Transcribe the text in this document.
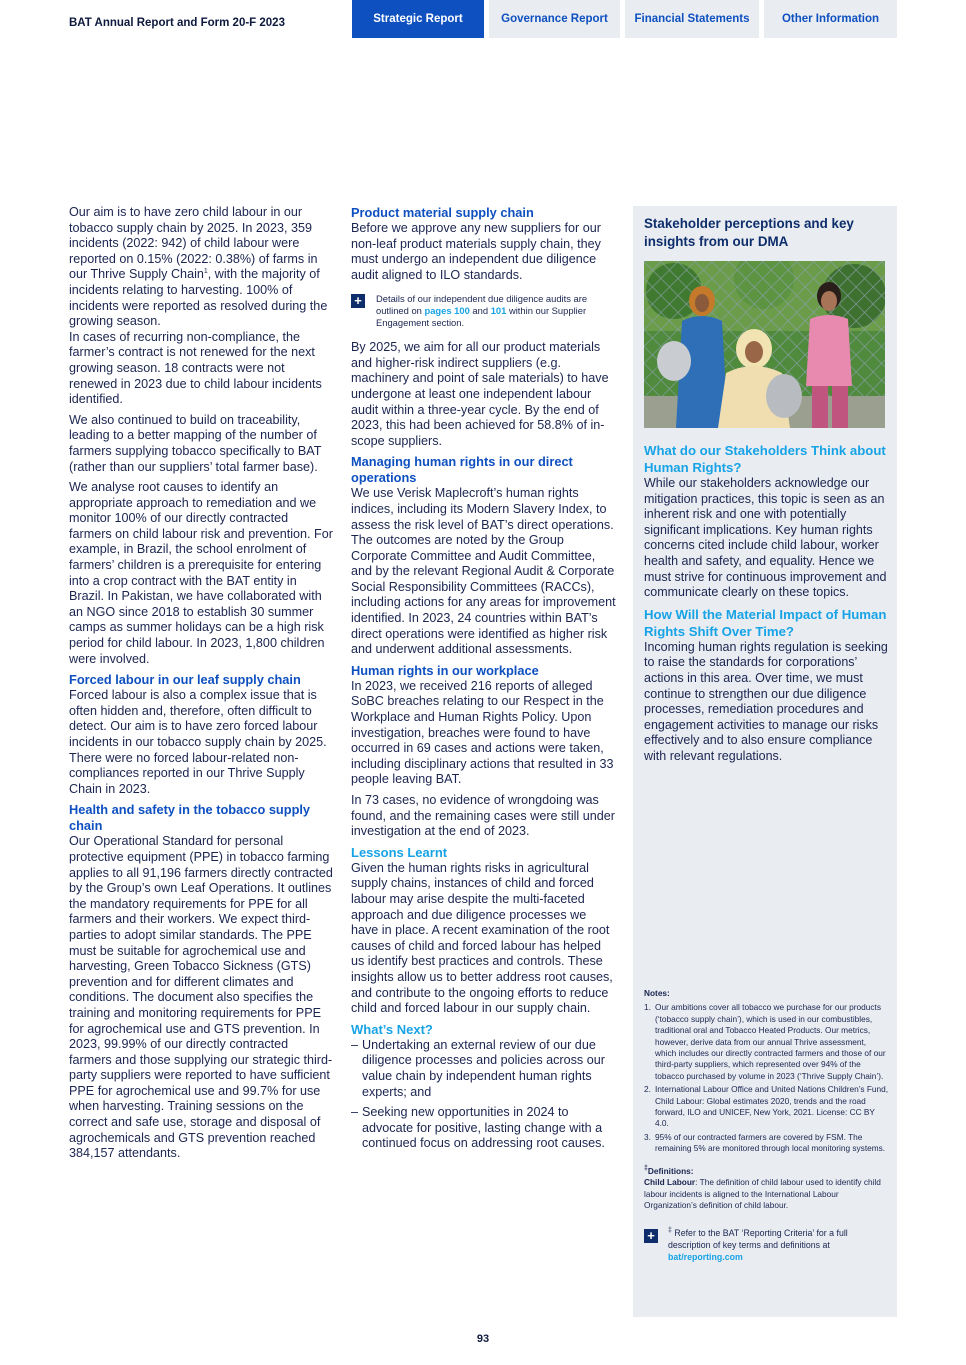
BAT Annual Report and Form 20-F 2023	Strategic Report	Governance Report	Financial Statements	Other Information

Our aim is to have zero child labour in our tobacco supply chain by 2025. In 2023, 359 incidents (2022: 942) of child labour were reported on 0.15% (2022: 0.38%) of farms in our Thrive Supply Chain$^1$, with the majority of incidents relating to harvesting. 100% of incidents were reported as resolved during the growing season.
In cases of recurring non-compliance, the farmer’s contract is not renewed for the next growing season. 18 contracts were not renewed in 2023 due to child labour incidents identified.

We also continued to build on traceability, leading to a better mapping of the number of farmers supplying tobacco specifically to BAT (rather than our suppliers’ total farmer base).

We analyse root causes to identify an appropriate approach to remediation and we monitor 100% of our directly contracted farmers on child labour risk and prevention. For example, in Brazil, the school enrolment of farmers’ children is a prerequisite for entering into a crop contract with the BAT entity in Brazil. In Pakistan, we have collaborated with an NGO since 2018 to establish 30 summer camps as summer holidays can be a high risk period for child labour. In 2023, 1,800 children were involved.

Forced labour in our leaf supply chain

Forced labour is also a complex issue that is often hidden and, therefore, often difficult to detect. Our aim is to have zero forced labour incidents in our tobacco supply chain by 2025. There were no forced labour-related non-compliances reported in our Thrive Supply Chain in 2023.

Health and safety in the tobacco supply chain

Our Operational Standard for personal protective equipment (PPE) in tobacco farming applies to all 91,196 farmers directly contracted by the Group’s own Leaf Operations. It outlines the mandatory requirements for PPE for all farmers and their workers. We expect third-parties to adopt similar standards. The PPE must be suitable for agrochemical use and harvesting, Green Tobacco Sickness (GTS) prevention and for different climates and conditions. The document also specifies the training and monitoring requirements for PPE for agrochemical use and GTS prevention. In 2023, 99.99% of our directly contracted farmers and those supplying our strategic third-party suppliers were reported to have sufficient PPE for agrochemical use and 99.7% for use when harvesting. Training sessions on the correct and safe use, storage and disposal of agrochemicals and GTS prevention reached 384,157 attendants.

Product material supply chain

Before we approve any new suppliers for our non-leaf product materials supply chain, they must undergo an independent due diligence audit aligned to ILO standards.

+	Details of our independent due diligence audits are outlined on pages 100 and 101 within our Supplier Engagement section.

By 2025, we aim for all our product materials and higher-risk indirect suppliers (e.g. machinery and point of sale materials) to have undergone at least one independent labour audit within a three-year cycle. By the end of 2023, this had been achieved for 58.8% of in-scope suppliers.

Managing human rights in our direct operations

We use Verisk Maplecroft’s human rights indices, including its Modern Slavery Index, to assess the risk level of BAT’s direct operations. The outcomes are noted by the Group Corporate Committee and Audit Committee, and by the relevant Regional Audit & Corporate Social Responsibility Committees (RACCs), including actions for any areas for improvement identified. In 2023, 24 countries within BAT’s direct operations were identified as higher risk and underwent additional assessments.

Human rights in our workplace

In 2023, we received 216 reports of alleged SoBC breaches relating to our Respect in the Workplace and Human Rights Policy. Upon investigation, breaches were found to have occurred in 69 cases and actions were taken, including disciplinary actions that resulted in 33 people leaving BAT.

In 73 cases, no evidence of wrongdoing was found, and the remaining cases were still under investigation at the end of 2023.

Lessons Learnt

Given the human rights risks in agricultural supply chains, instances of child and forced labour may arise despite the multi-faceted approach and due diligence processes we have in place. A recent examination of the root causes of child and forced labour has helped us identify best practices and controls. These insights allow us to better address root causes, and contribute to the ongoing efforts to reduce child and forced labour in our supply chain.

What’s Next?
– Undertaking an external review of our due diligence processes and policies across our value chain by independent human rights experts; and
– Seeking new opportunities in 2024 to advocate for positive, lasting change with a continued focus on addressing root causes.
Stakeholder perceptions and key insights from our DMA
What do our Stakeholders Think about Human Rights?

While our stakeholders acknowledge our mitigation practices, this topic is seen as an inherent risk and one with potentially significant implications. Key human rights concerns cited include child labour, worker health and safety, and equality. Hence we must strive for continuous improvement and communicate clearly on these topics.

How Will the Material Impact of Human Rights Shift Over Time?

Incoming human rights regulation is seeking to raise the standards for corporations’ actions in this area. Over time, we must continue to strengthen our due diligence processes, remediation procedures and engagement activities to manage our risks effectively and to also ensure compliance with relevant regulations.

Notes:
1. Our ambitions cover all tobacco we purchase for our products (‘tobacco supply chain’), which is used in our combustibles, traditional oral and Tobacco Heated Products. Our metrics, however, derive data from our annual Thrive assessment, which includes our directly contracted farmers and those of our third-party suppliers, which represented over 94% of the tobacco purchased by volume in 2023 (‘Thrive Supply Chain’).
2. International Labour Office and United Nations Children’s Fund, Child Labour: Global estimates 2020, trends and the road forward, ILO and UNICEF, New York, 2021. License: CC BY 4.0.
3. 95% of our contracted farmers are covered by FSM. The remaining 5% are monitored through local monitoring systems.
‡Definitions:
Child Labour: The definition of child labour used to identify child labour incidents is aligned to the International Labour Organization’s definition of child labour.
+	‡ Refer to the BAT ‘Reporting Criteria’ for a full description of key terms and definitions at
bat/reporting.com
93
